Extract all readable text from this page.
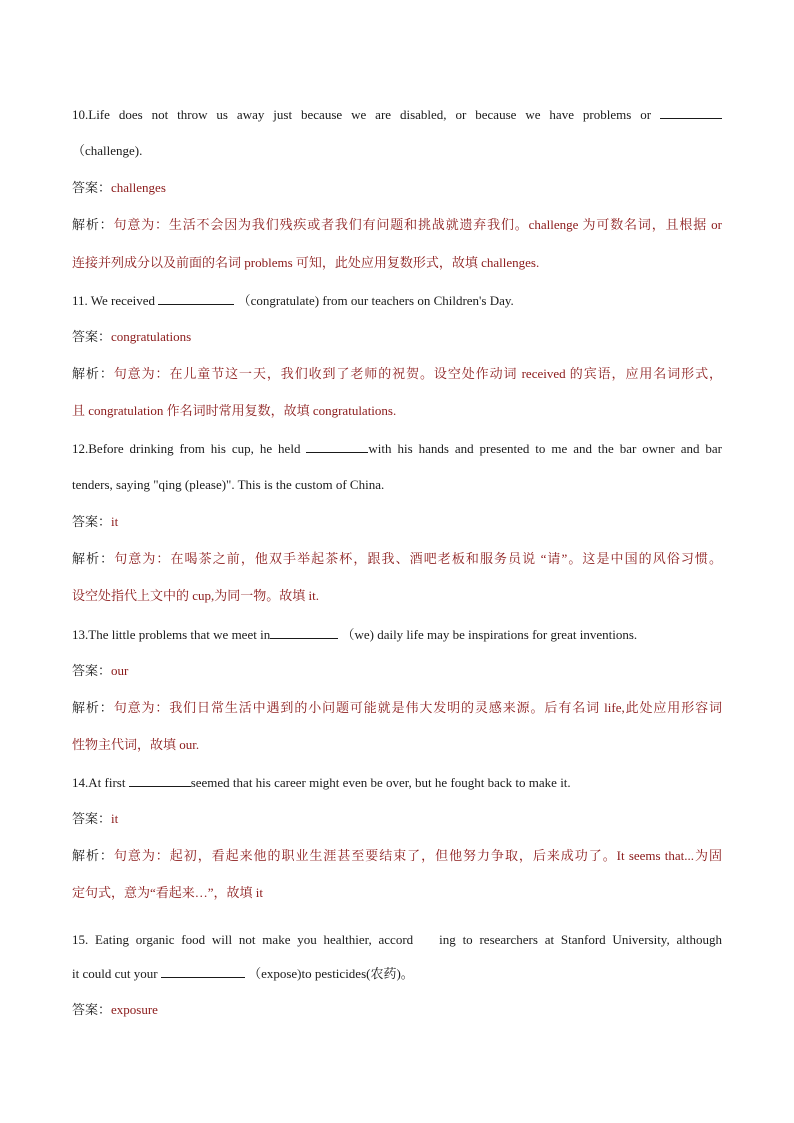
10.Life does not throw us away just because we are disabled, or because we have problems or
（challenge).
答案：challenges
解析：句意为：生活不会因为我们残疾或者我们有问题和挑战就遗弃我们。challenge 为可数名词，且根据 or
连接并列成分以及前面的名词 problems 可知，此处应用复数形式，故填 challenges.
11. We received	（congratulate) from our teachers on Children's Day.
答案：congratulations
解析：句意为：在儿童节这一天，我们收到了老师的祝贺。设空处作动词 received 的宾语，应用名词形式，
且 congratulation 作名词时常用复数，故填 congratulations.
12.Before drinking from his cup, he held	with his hands and presented to me and the bar owner and bar
tenders, saying "qing (please)". This is the custom of China.
答案：it
解析：句意为：在喝茶之前，他双手举起茶杯，跟我、酒吧老板和服务员说 “请”。这是中国的风俗习惯。
设空处指代上文中的 cup,为同一物。故填 it.
13.The little problems that we meet in	（we) daily life may be inspirations for great inventions.
答案：our
解析：句意为：我们日常生活中遇到的小问题可能就是伟大发明的灵感来源。后有名词 life,此处应用形容词
性物主代词，故填 our.
14.At first	seemed that his career might even be over, but he fought back to make it.
答案：it
解析：句意为：起初，看起来他的职业生涯甚至要结束了，但他努力争取，后来成功了。It seems that...为固
定句式，意为“看起来…”，故填 it
15. Eating organic food will not make you healthier, accord ing to researchers at Stanford University, although
it could cut your	（expose)to pesticides(农药)。
答案：exposure
